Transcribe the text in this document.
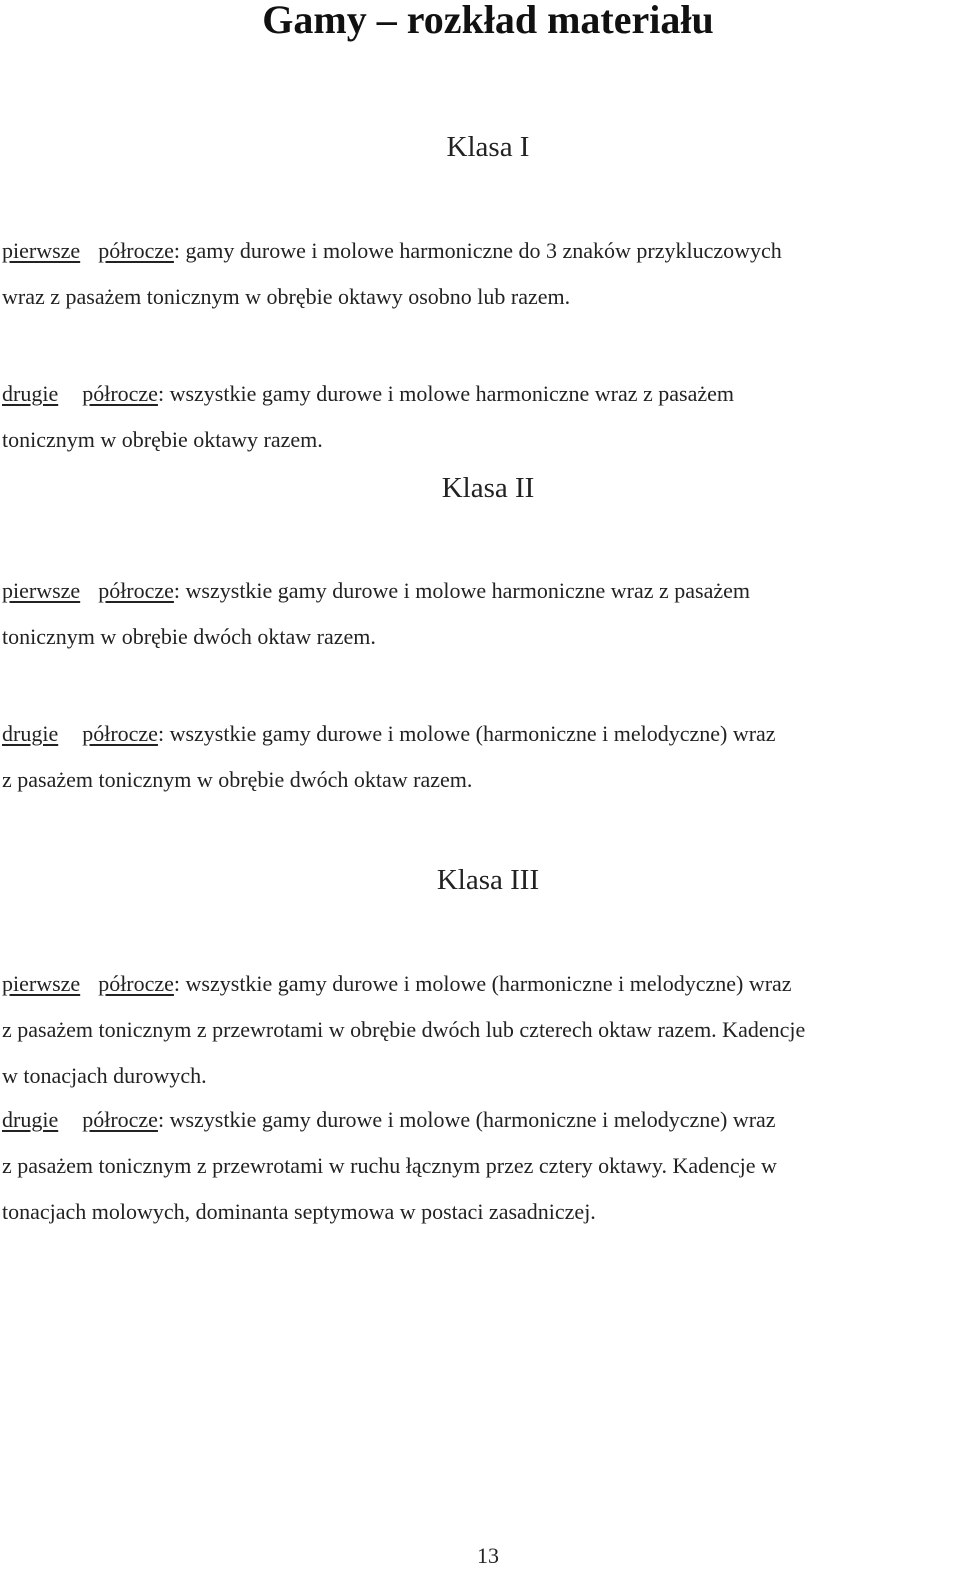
Gamy – rozkład materiału
Klasa I

pierwsze półrocze: gamy durowe i molowe harmoniczne do 3 znaków przykluczowych
wraz z pasażem tonicznym w obrębie oktawy osobno lub razem.

drugie półrocze: wszystkie gamy durowe i molowe harmoniczne wraz z pasażem
tonicznym w obrębie oktawy razem.

Klasa II

pierwsze półrocze: wszystkie gamy durowe i molowe harmoniczne wraz z pasażem
tonicznym w obrębie dwóch oktaw razem.

drugie półrocze: wszystkie gamy durowe i molowe (harmoniczne i melodyczne) wraz
z pasażem tonicznym w obrębie dwóch oktaw razem.

Klasa III

pierwsze półrocze: wszystkie gamy durowe i molowe (harmoniczne i melodyczne) wraz
z pasażem tonicznym z przewrotami w obrębie dwóch lub czterech oktaw razem. Kadencje
w tonacjach durowych.

drugie półrocze: wszystkie gamy durowe i molowe (harmoniczne i melodyczne) wraz
z pasażem tonicznym z przewrotami w ruchu łącznym przez cztery oktawy. Kadencje w
tonacjach molowych, dominanta septymowa w postaci zasadniczej.

13
